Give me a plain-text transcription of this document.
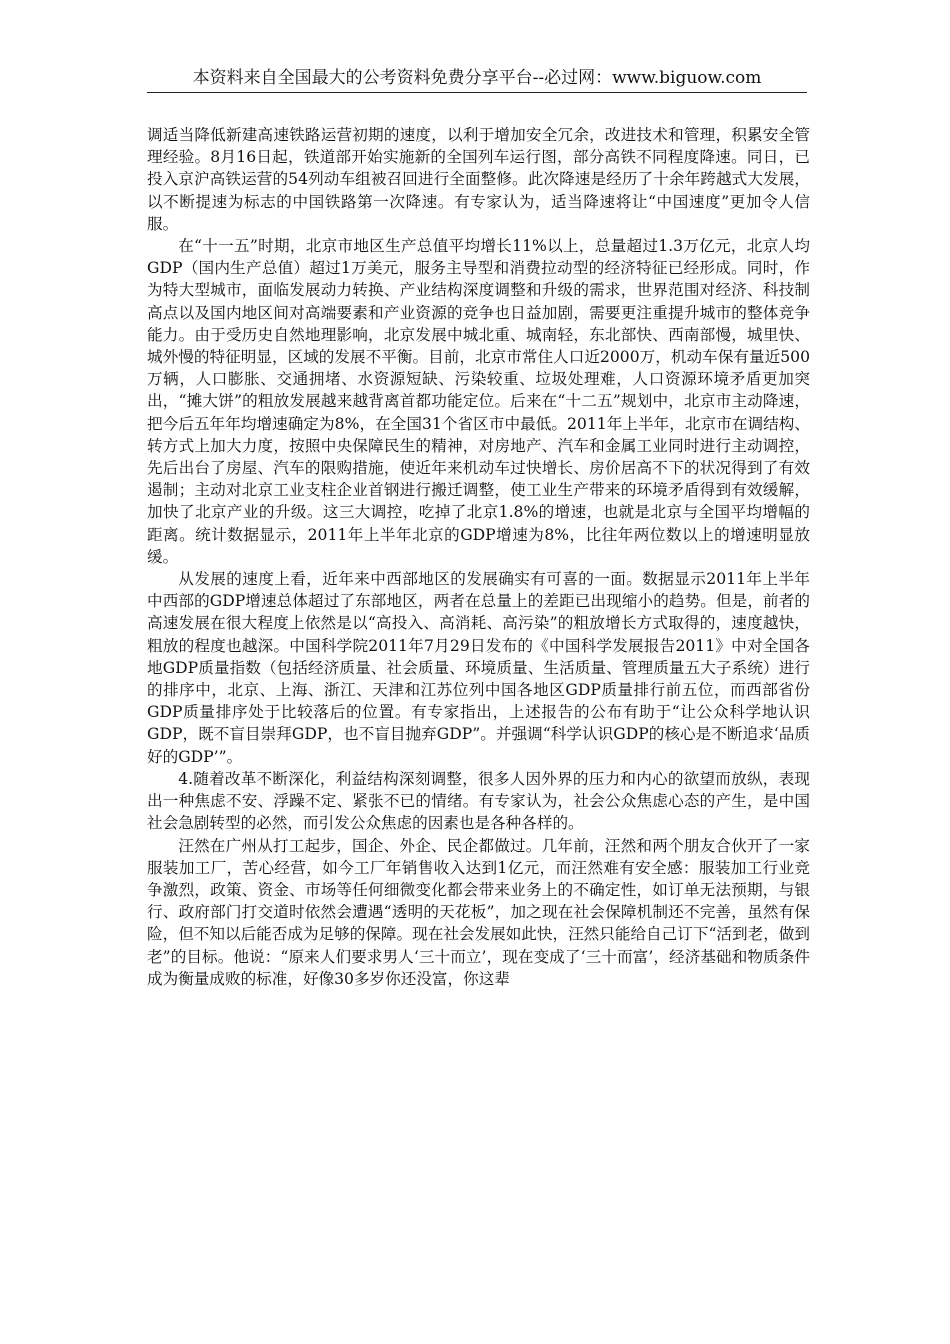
本资料来自全国最大的公考资料免费分享平台--必过网：www.biguow.com

调适当降低新建高速铁路运营初期的速度，以利于增加安全冗余，改进技术和管理，积累安全管理经验。8月16日起，铁道部开始实施新的全国列车运行图，部分高铁不同程度降速。同日，已投入京沪高铁运营的54列动车组被召回进行全面整修。此次降速是经历了十余年跨越式大发展，以不断提速为标志的中国铁路第一次降速。有专家认为，适当降速将让“中国速度”更加令人信服。

在“十一五”时期，北京市地区生产总值平均增长11%以上，总量超过1.3万亿元，北京人均GDP（国内生产总值）超过1万美元，服务主导型和消费拉动型的经济特征已经形成。同时，作为特大型城市，面临发展动力转换、产业结构深度调整和升级的需求，世界范围对经济、科技制高点以及国内地区间对高端要素和产业资源的竞争也日益加剧，需要更注重提升城市的整体竞争能力。由于受历史自然地理影响，北京发展中城北重、城南轻，东北部快、西南部慢，城里快、城外慢的特征明显，区域的发展不平衡。目前，北京市常住人口近2000万，机动车保有量近500万辆，人口膨胀、交通拥堵、水资源短缺、污染较重、垃圾处理难，人口资源环境矛盾更加突出，“摊大饼”的粗放发展越来越背离首都功能定位。后来在“十二五”规划中，北京市主动降速，把今后五年年均增速确定为8%，在全国31个省区市中最低。2011年上半年，北京市在调结构、转方式上加大力度，按照中央保障民生的精神，对房地产、汽车和金属工业同时进行主动调控，先后出台了房屋、汽车的限购措施，使近年来机动车过快增长、房价居高不下的状况得到了有效遏制；主动对北京工业支柱企业首钢进行搬迁调整，使工业生产带来的环境矛盾得到有效缓解，加快了北京产业的升级。这三大调控，吃掉了北京1.8%的增速，也就是北京与全国平均增幅的距离。统计数据显示，2011年上半年北京的GDP增速为8%，比往年两位数以上的增速明显放缓。

从发展的速度上看，近年来中西部地区的发展确实有可喜的一面。数据显示2011年上半年中西部的GDP增速总体超过了东部地区，两者在总量上的差距已出现缩小的趋势。但是，前者的高速发展在很大程度上依然是以“高投入、高消耗、高污染”的粗放增长方式取得的，速度越快，粗放的程度也越深。中国科学院2011年7月29日发布的《中国科学发展报告2011》中对全国各地GDP质量指数（包括经济质量、社会质量、环境质量、生活质量、管理质量五大子系统）进行的排序中，北京、上海、浙江、天津和江苏位列中国各地区GDP质量排行前五位，而西部省份GDP质量排序处于比较落后的位置。有专家指出，上述报告的公布有助于“让公众科学地认识GDP，既不盲目崇拜GDP，也不盲目抛弃GDP”。并强调“科学认识GDP的核心是不断追求‘品质好的GDP’”。

4.随着改革不断深化，利益结构深刻调整，很多人因外界的压力和内心的欲望而放纵，表现出一种焦虑不安、浮躁不定、紧张不已的情绪。有专家认为，社会公众焦虑心态的产生，是中国社会急剧转型的必然，而引发公众焦虑的因素也是各种各样的。

汪然在广州从打工起步，国企、外企、民企都做过。几年前，汪然和两个朋友合伙开了一家服装加工厂，苦心经营，如今工厂年销售收入达到1亿元，而汪然难有安全感：服装加工行业竞争激烈，政策、资金、市场等任何细微变化都会带来业务上的不确定性，如订单无法预期，与银行、政府部门打交道时依然会遭遇“透明的天花板”，加之现在社会保障机制还不完善，虽然有保险，但不知以后能否成为足够的保障。现在社会发展如此快，汪然只能给自己订下“活到老，做到老”的目标。他说：“原来人们要求男人‘三十而立’，现在变成了‘三十而富’，经济基础和物质条件成为衡量成败的标准，好像30多岁你还没富，你这辈
